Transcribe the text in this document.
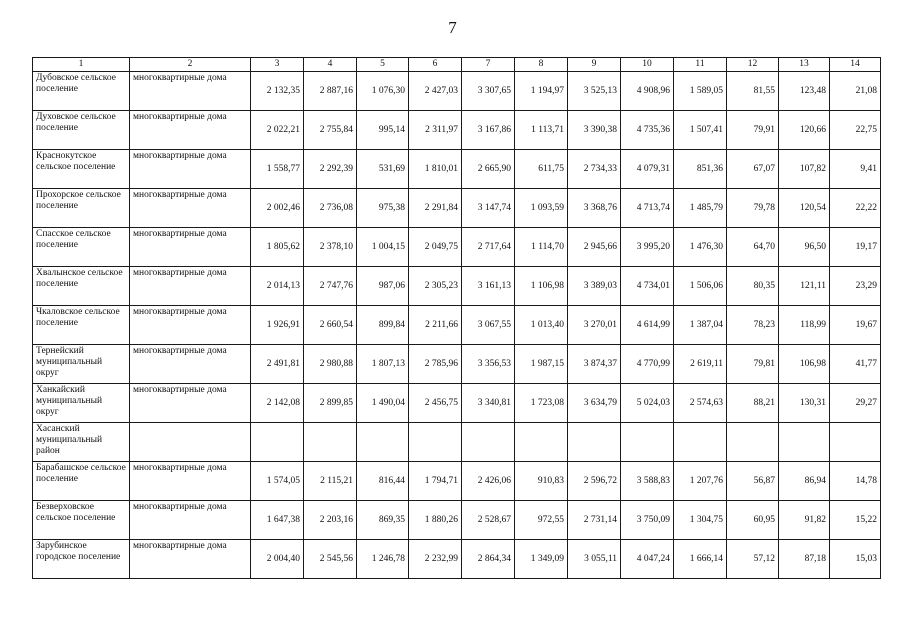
7
1	2	3	4	5	6	7	8	9	10	11	12	13	14
Дубовское сельское поселение	многоквартирные дома	2 132,35	2 887,16	1 076,30	2 427,03	3 307,65	1 194,97	3 525,13	4 908,96	1 589,05	81,55	123,48	21,08
Духовское сельское поселение	многоквартирные дома	2 022,21	2 755,84	995,14	2 311,97	3 167,86	1 113,71	3 390,38	4 735,36	1 507,41	79,91	120,66	22,75
Краснокутское сельское поселение	многоквартирные дома	1 558,77	2 292,39	531,69	1 810,01	2 665,90	611,75	2 734,33	4 079,31	851,36	67,07	107,82	9,41
Прохорское сельское поселение	многоквартирные дома	2 002,46	2 736,08	975,38	2 291,84	3 147,74	1 093,59	3 368,76	4 713,74	1 485,79	79,78	120,54	22,22
Спасское сельское поселение	многоквартирные дома	1 805,62	2 378,10	1 004,15	2 049,75	2 717,64	1 114,70	2 945,66	3 995,20	1 476,30	64,70	96,50	19,17
Хвалынское сельское поселение	многоквартирные дома	2 014,13	2 747,76	987,06	2 305,23	3 161,13	1 106,98	3 389,03	4 734,01	1 506,06	80,35	121,11	23,29
Чкаловское сельское поселение	многоквартирные дома	1 926,91	2 660,54	899,84	2 211,66	3 067,55	1 013,40	3 270,01	4 614,99	1 387,04	78,23	118,99	19,67
Тернейский муниципальный округ	многоквартирные дома	2 491,81	2 980,88	1 807,13	2 785,96	3 356,53	1 987,15	3 874,37	4 770,99	2 619,11	79,81	106,98	41,77
Ханкайский муниципальный округ	многоквартирные дома	2 142,08	2 899,85	1 490,04	2 456,75	3 340,81	1 723,08	3 634,79	5 024,03	2 574,63	88,21	130,31	29,27
Хасанский муниципальный район													
Барабашское сельское поселение	многоквартирные дома	1 574,05	2 115,21	816,44	1 794,71	2 426,06	910,83	2 596,72	3 588,83	1 207,76	56,87	86,94	14,78
Безверховское сельское поселение	многоквартирные дома	1 647,38	2 203,16	869,35	1 880,26	2 528,67	972,55	2 731,14	3 750,09	1 304,75	60,95	91,82	15,22
Зарубинское городское поселение	многоквартирные дома	2 004,40	2 545,56	1 246,78	2 232,99	2 864,34	1 349,09	3 055,11	4 047,24	1 666,14	57,12	87,18	15,03
